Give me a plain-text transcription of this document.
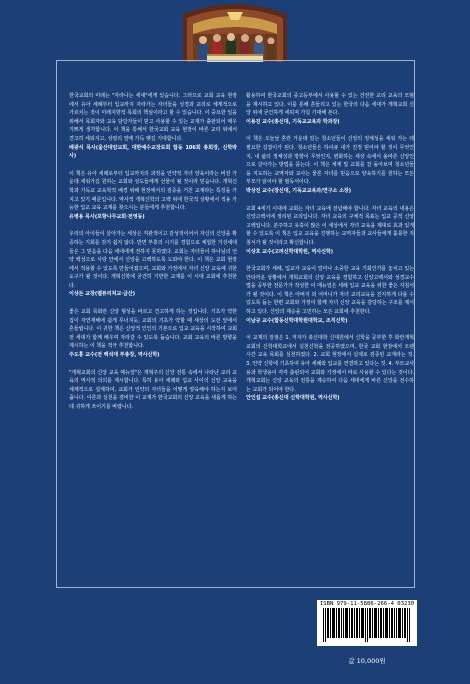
한국교회의 미래는 "자라나는 세대"에게 있습니다. 그러므로 교회 교육 현장에서 유아 세례부터 입교까지 자라가는 자녀들을 성경과 교리로 체계적으로 가르치는 것이 미래지향적 목회의 핵심이라고 할 수 있습니다. 이 중요한 일을 위해서 목회자와 교육 담당자들이 믿고 사용할 수 있는 교재가 출판되어 매우 기쁘게 생각합니다. 이 책을 통해서 한국교회 교육 현장이 바른 교리 위에서 견고히 세워지고, 성령의 열매 가득 맺길 기대합니다.

배광식 목사(울산대암교회, 대한예수교장로회 합동 106회 총회장, 신학박사)

이 책은 유아 세례로부터 입교까지의 과정을 언약적 자녀 양육이라는 비전 가운데 세워가길 원하는 교회와 성도들에게 선물이 될 것이라 믿습니다. 개혁신학과 기독교 교육학적 배경 위해 현장에서의 검증을 거친 교재라는 특징을 가지고 있기 때문입니다. 역사적 개혁신학의 고백 위에 한국적 상황에서 적용 가능한 입교 교육 교재를 찾으시는 분들에게 추천합니다.

유병용 목사(포항나무교회·전영동)

우리의 아이들이 살아가는 세상은 직관적이고 감성적이어서 자신의 신앙을 확증하는 기회를 갖기 쉽지 않다. 반면 부흥의 시기를 경험으로 체험한 기성세대들은 그 믿음을 다음 세대에게 전하지 못하였다. 교회는 자녀들이 하나님의 언약 백성으로 사랑 안에서 신앙을 고백하도록 도와야 한다. 이 책은 교회 현장에서 적용할 수 있도록 만들어졌으며, 교회와 가정에서 자녀 신앙 교육에 귀한 도구가 될 것이다. 개혁신학에 굳건히 기반한 교재를 이 시대 교회에 추천한다.

이상돈 교장(벨뷰리처교·금산)

좋은 교회 목회란 신앙 형성을 바르고 견고하게 하는 것입니다. 기초가 약한 집이 자연재해에 쉽게 무너지듯, 교회의 기초가 약할 때 세상의 도전 앞에서 흔들립니다. 이 귀한 책은 신앙적 인인의 기본으로 입교 교육을 시작하여 교회 전 세대가 함께 배우며 자라갈 수 있도록 돕습니다. 교회 교육의 바른 방향을 제시하는 이 책을 적극 추천합니다.

주도홍 교수(전 백석대 부총장, 역사신학)

"개혁교회의 신앙 교육 매뉴얼"은 개혁주의 신앙 전통 속에서 나타난 교리 교육의 역사적 의의를 제시합니다. 특히 유아 세례와 입교 사이의 신앙 교육을 체계적으로 설계하여, 교회가 언약의 자녀들을 어떻게 양육해야 하는지 보여줍니다. 이론과 실천을 겸비한 이 교재가 한국교회의 신앙 교육을 새롭게 하는 데 귀하게 쓰이기를 바랍니다.

활용하여 한국교회의 중고등부에서 사용할 수 있는 건전한 교리 교육의 모범을 제시하고 있다. 이를 통해 흔들리고 있는 한국의 다음 세대가 개혁교회 신앙 위에 굳건하게 세워져 가길 기대해 본다.

이용진 교수(총신대, 기독교교육과 학과장)

이 책은 오늘날 혼란 가운데 있는 청소년들이 신앙의 정체성을 세워 가는 데 필요한 길잡이가 된다. 청소년들은 하이큐 내가 진정 믿어야 할 것이 무엇인지, 내 삶의 정체성과 방향이 무엇인지, 변화하는 세상 속에서 올바른 신앙인으로 살아가는 방법을 묻는다. 이 책은 세계 및 교회를 잘 돌아보며 청소년들을 지도하는 교역자와 교사는 물론 자녀를 믿음으로 양육하기를 원하는 모든 부모가 읽어야 할 필독서이다.

박상진 교수(장신대, 기독교교육과/연구소 소장)

교회 4세기 시대에 교회는 자녀 교육에 전념해야 합니다. 자녀 교육의 내용은 신앙고백서에 정리된 교리입니다. 자녀 교육의 구체적 목표는 입교 공적 신앙고백입니다. 분주하고 유혹이 많은 이 세상에서 자녀 교육을 제대로 효과 있게 할 수 있도록 이 책은 입교 교육을 진행하는 교역자들과 교사들에게 훌륭한 지침서가 될 것이라고 확신합니다.

이상호 교수(고려신학대학원, 역사신학)

한국교회가 세례, 입교자 교육이 얼마나 소중한 교육 기회인가를 놓치고 있는 안타까운 상황에서 개혁교회의 신앙 교육을 경험하고 신앙고백서와 성경교수법을 공부한 전문가가 작성한 이 매뉴얼은 세례 입교 교육을 위한 좋은 지침서가 될 것이다. 이 책은 아버지 외 어머니가 자녀 교리교육을 진지하게 다룰 수 있도록 돕는 한편 교회와 가정이 함께 자녀 신앙 교육을 감당하는 구조를 제시하고 있다. 신앙의 계승을 고민하는 모든 교회에 추천한다.

이남규 교수(합동신학대학원대학교, 조직신학)

이 교재의 장점은 1. 저자가 총신대학 신대원에서 신학을 공부한 후 화란개혁교회의 신학대학교에서 실천신학을 전공하였으며, 한국 교회 현장에서 오랜 시간 교육 목회를 실천하였다. 2. 교회 현장에서 실제로 검증된 교재라는 것. 3. 언약 신학에 기초하여 유아 세례와 입교를 연결하고 있다는 것. 4. 부모교사용과 학생용이 각각 출판되어 교회와 가정에서 바로 사용할 수 있다는 것이다. 개혁교회는 신앙 교육의 전통을 계승하여 다음 세대에게 바른 신앙을 전수하는 교회가 되어야 한다.

안인섭 교수(총신대 신학대학원, 역사신학)

ISBN 979-11-5886-266-4 03230
값 10,000원
